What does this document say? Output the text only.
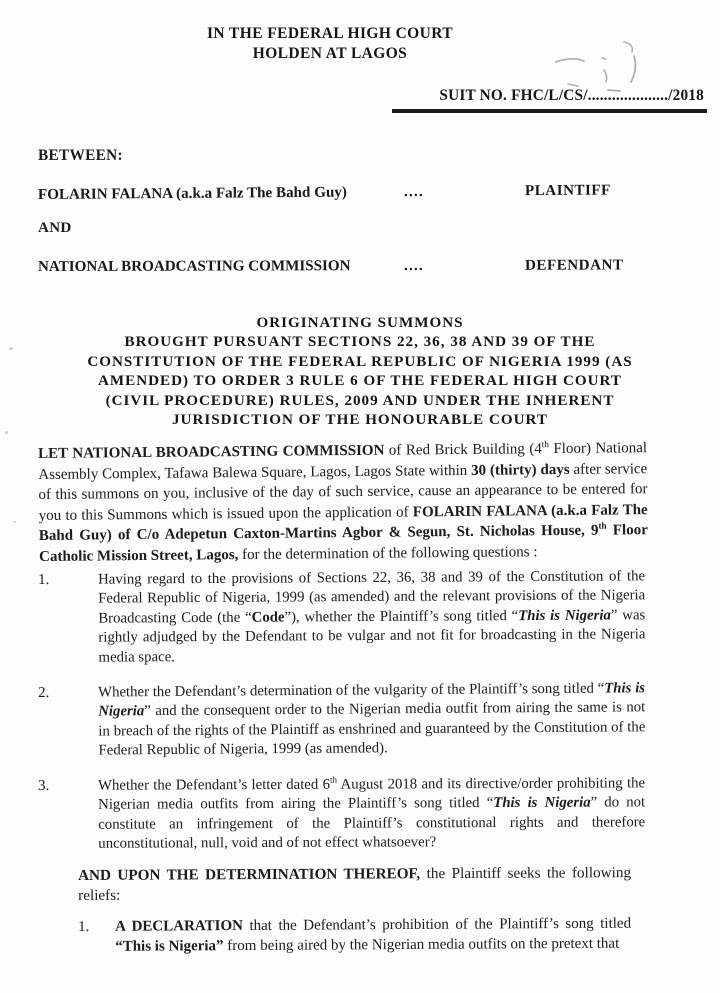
IN THE FEDERAL HIGH COURT
HOLDEN AT LAGOS
SUIT NO. FHC/L/CS/..................../2018
BETWEEN:
FOLARIN FALANA (a.k.a Falz The Bahd Guy)	....	PLAINTIFF
AND
NATIONAL BROADCASTING COMMISSION	....	DEFENDANT
ORIGINATING SUMMONS
BROUGHT PURSUANT SECTIONS 22, 36, 38 AND 39 OF THE
CONSTITUTION OF THE FEDERAL REPUBLIC OF NIGERIA 1999 (AS
AMENDED) TO ORDER 3 RULE 6 OF THE FEDERAL HIGH COURT
(CIVIL PROCEDURE) RULES, 2009 AND UNDER THE INHERENT
JURISDICTION OF THE HONOURABLE COURT

LET NATIONAL BROADCASTING COMMISSION of Red Brick Building (4th Floor) National Assembly Complex, Tafawa Balewa Square, Lagos, Lagos State within 30 (thirty) days after service of this summons on you, inclusive of the day of such service, cause an appearance to be entered for you to this Summons which is issued upon the application of FOLARIN FALANA (a.k.a Falz The Bahd Guy) of C/o Adepetun Caxton-Martins Agbor & Segun, St. Nicholas House, 9th Floor Catholic Mission Street, Lagos, for the determination of the following questions :

1.	Having regard to the provisions of Sections 22, 36, 38 and 39 of the Constitution of the Federal Republic of Nigeria, 1999 (as amended) and the relevant provisions of the Nigeria Broadcasting Code (the “Code”), whether the Plaintiff’s song titled “This is Nigeria” was rightly adjudged by the Defendant to be vulgar and not fit for broadcasting in the Nigeria media space.

2.	Whether the Defendant’s determination of the vulgarity of the Plaintiff’s song titled “This is Nigeria” and the consequent order to the Nigerian media outfit from airing the same is not in breach of the rights of the Plaintiff as enshrined and guaranteed by the Constitution of the Federal Republic of Nigeria, 1999 (as amended).

3.	Whether the Defendant’s letter dated 6th August 2018 and its directive/order prohibiting the Nigerian media outfits from airing the Plaintiff’s song titled “This is Nigeria” do not constitute an infringement of the Plaintiff’s constitutional rights and therefore unconstitutional, null, void and of not effect whatsoever?

AND UPON THE DETERMINATION THEREOF, the Plaintiff seeks the following reliefs:

1. A DECLARATION that the Defendant’s prohibition of the Plaintiff’s song titled “This is Nigeria” from being aired by the Nigerian media outfits on the pretext that
